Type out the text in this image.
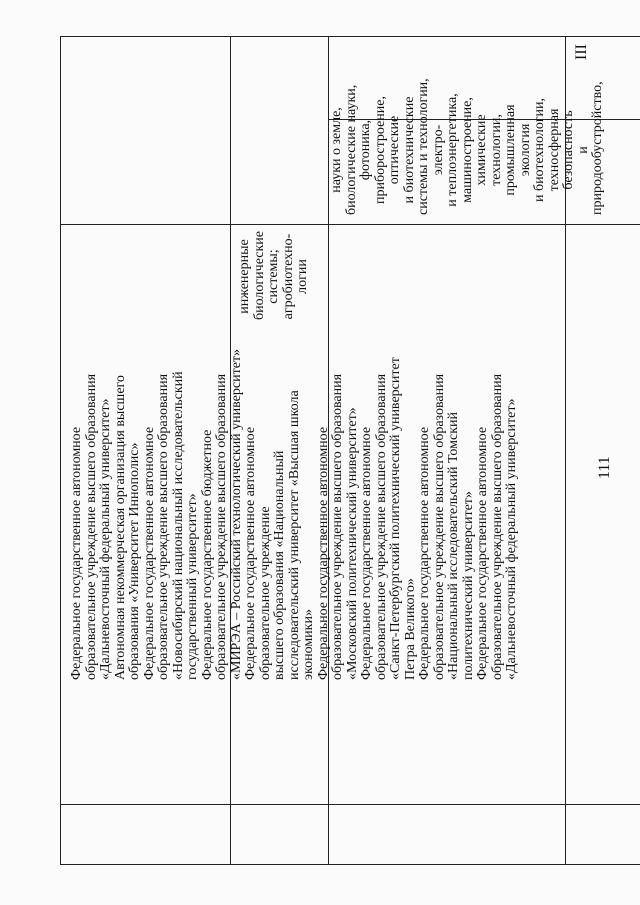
111
Федеральное государственное автономное образовательное учреждение высшего образования «Дальневосточный федеральный университет» Автономная некоммерческая организация высшего образования «Университет Иннополис» Федеральное государственное автономное образовательное учреждение высшего образования «Новосибирский национальный исследовательский государственный университет» Федеральное государственное бюджетное образовательное учреждение высшего образования «МИРЭА – Российский технологический университет» Федеральное государственное автономное образовательное учреждение высшего образования «Национальный исследовательский университет «Высшая школа экономики» Федеральное государственное автономное образовательное учреждение высшего образования «Московский политехнический университет» Федеральное государственное автономное образовательное учреждение высшего образования «Санкт-Петербургский политехнический университет Петра Великого» Федеральное государственное автономное образовательное учреждение высшего образования «Национальный исследовательский Томский политехнический университет» Федеральное государственное автономное образовательное учреждение высшего образования «Дальневосточный федеральный университет»
инженерные биологические системы; агробиотехно- логии
науки о земле, биологические науки, фотоника, приборостроение, оптические и биотехнические системы и технологии, электро- и теплоэнергетика, машиностроение, химические технологии, промышленная экология и биотехнологии, техносферная безопасность и природообустройство,
III
